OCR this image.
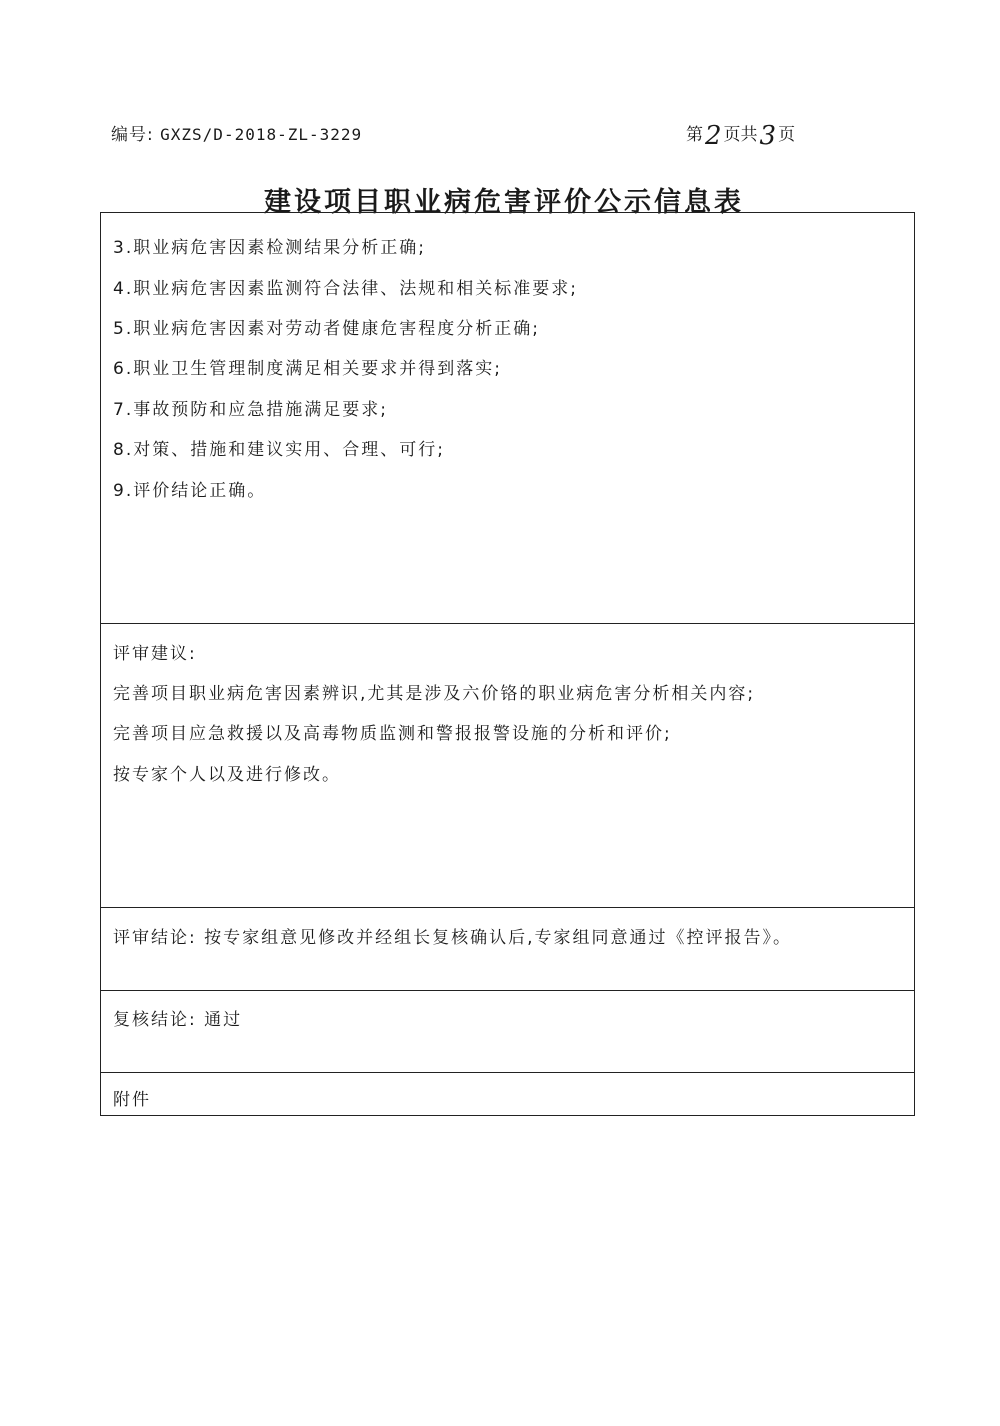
编号: GXZS/D-2018-ZL-3229	第2 页共3 页
建设项目职业病危害评价公示信息表
3.职业病危害因素检测结果分析正确;
4.职业病危害因素监测符合法律、法规和相关标准要求;
5.职业病危害因素对劳动者健康危害程度分析正确;
6.职业卫生管理制度满足相关要求并得到落实;
7.事故预防和应急措施满足要求;
8.对策、措施和建议实用、合理、可行;
9.评价结论正确。
评审建议:
完善项目职业病危害因素辨识,尤其是涉及六价铬的职业病危害分析相关内容;
完善项目应急救援以及高毒物质监测和警报报警设施的分析和评价;
按专家个人以及进行修改。
评审结论: 按专家组意见修改并经组长复核确认后,专家组同意通过《控评报告》。
复核结论: 通过
附件
